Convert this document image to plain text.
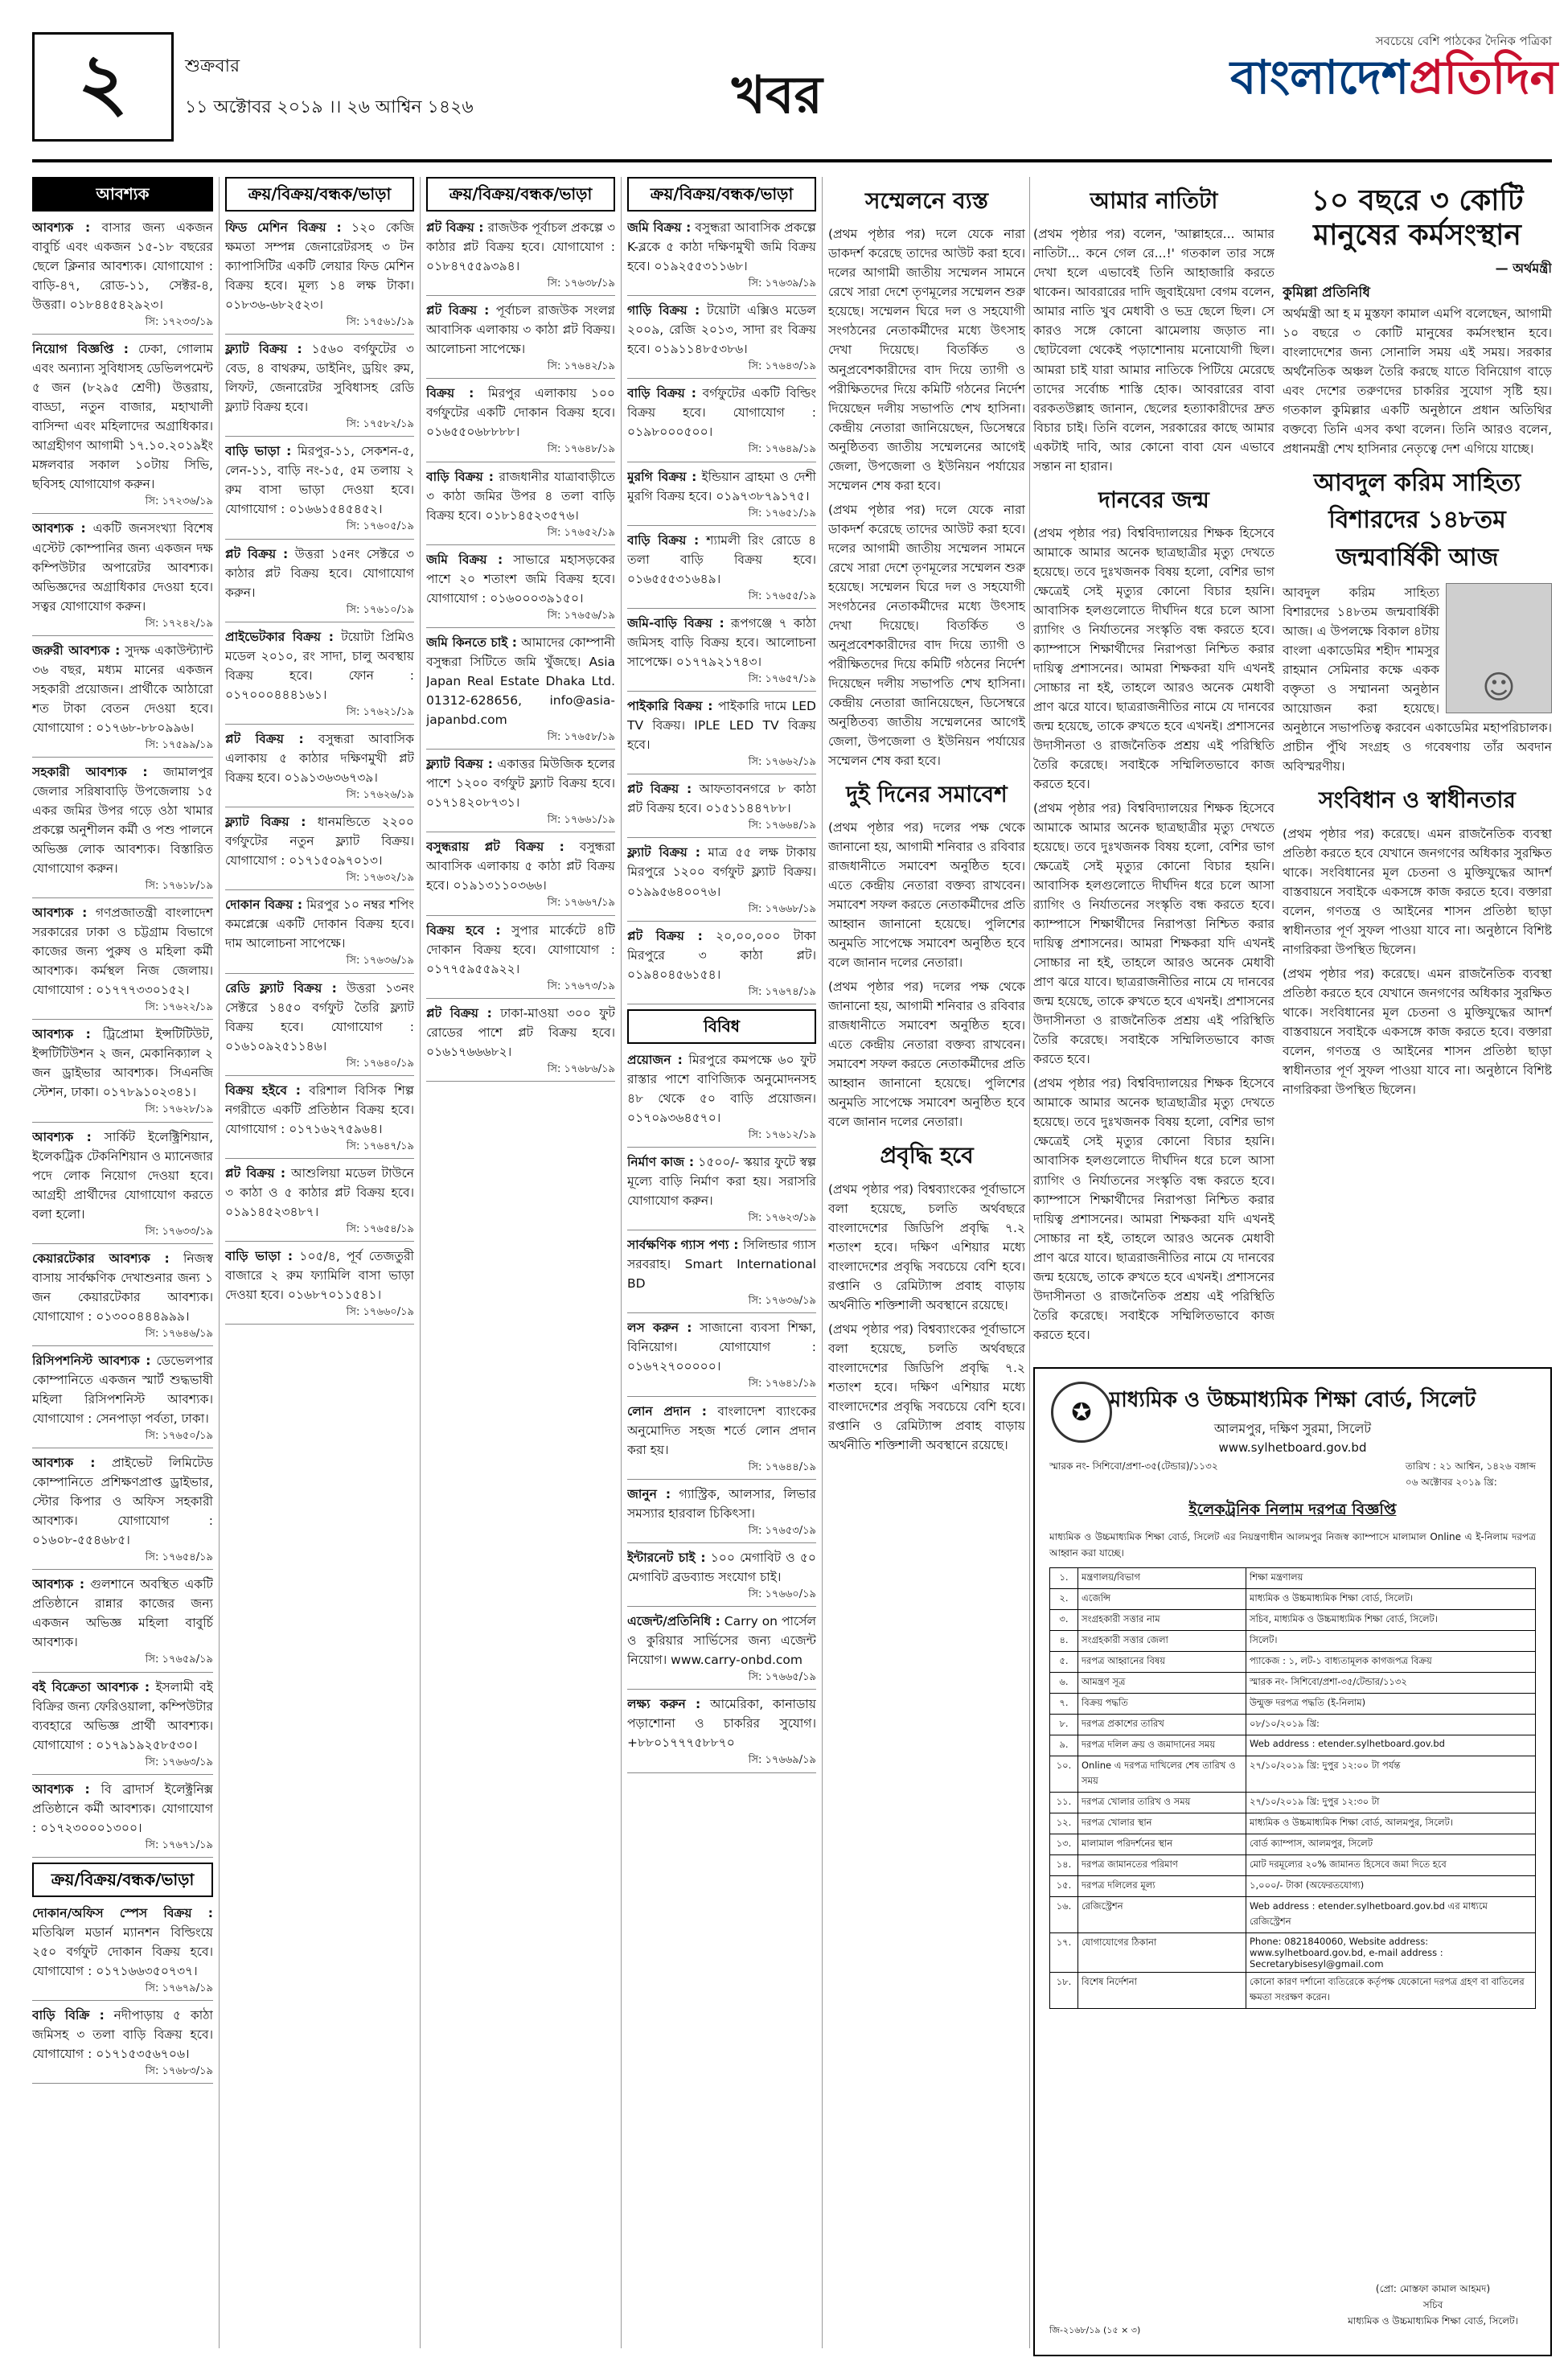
২	শুক্রবার
১১ অক্টোবর ২০১৯ ।। ২৬ আশ্বিন ১৪২৬	খবর
সবচেয়ে বেশি পাঠকের দৈনিক পত্রিকা
বাংলাদেশপ্রতিদিন
আবশ্যক
আবশ্যক : বাসার জন্য একজন বাবুর্চি এবং একজন ১৫-১৮ বছরের ছেলে ক্লিনার আবশ্যক। যোগাযোগ : বাড়ি-৪৭, রোড-১১, সেক্টর-৪, উত্তরা। ০১৮৪৪৫৪২৯২৩।
সি: ১৭২৩৩/১৯
নিয়োগ বিজ্ঞপ্তি : ঢেকা, গোলাম এবং অন্যান্য সুবিধাসহ ডেভিলপমেন্ট ৫ জন (৮২৯৫ শ্রেণী) উত্তরায়, বাড্ডা, নতুন বাজার, মহাখালী বাসিন্দা এবং মহিলাদের অগ্রাধিকার। আগ্রহীগণ আগামী ১৭.১০.২০১৯ইং মঙ্গলবার সকাল ১০টায় সিভি, ছবিসহ যোগাযোগ করুন।
সি: ১৭২৩৬/১৯
আবশ্যক : একটি জনসংখ্যা বিশেষ এস্টেট কোম্পানির জন্য একজন দক্ষ কম্পিউটার অপারেটর আবশ্যক। অভিজ্ঞদের অগ্রাধিকার দেওয়া হবে। সত্বর যোগাযোগ করুন।
সি: ১৭২৪২/১৯
জরুরী আবশ্যক : সুদক্ষ একাউন্ট্যান্ট ৩৬ বছর, মধ্যম মানের একজন সহকারী প্রয়োজন। প্রার্থীকে আঠারো শত টাকা বেতন দেওয়া হবে। যোগাযোগ : ০১৭৬৮-৮৮০৯৯৬।
সি: ১৭৫৯৯/১৯
সহকারী আবশ্যক : জামালপুর জেলার সরিষাবাড়ি উপজেলায় ১৫ একর জমির উপর গড়ে ওঠা খামার প্রকল্পে অনুশীলন কর্মী ও পশু পালনে অভিজ্ঞ লোক আবশ্যক। বিস্তারিত যোগাযোগ করুন।
সি: ১৭৬১৮/১৯
আবশ্যক : গণপ্রজাতন্ত্রী বাংলাদেশ সরকারের ঢাকা ও চট্টগ্রাম বিভাগে কাজের জন্য পুরুষ ও মহিলা কর্মী আবশ্যক। কর্মস্থল নিজ জেলায়। যোগাযোগ : ০১৭৭৭৩৩০১৫২।
সি: ১৭৬২২/১৯
আবশ্যক : ট্রিপ্রোমা ইন্সটিটিউট, ইন্সটিটিউশন ২ জন, মেকানিক্যাল ২ জন ড্রাইভার আবশ্যক। সিএনজি স্টেশন, ঢাকা। ০১৭৮৯১০২৩৪১।
সি: ১৭৬২৮/১৯
আবশ্যক : সার্কিট ইলেক্ট্রিশিয়ান, ইলেকট্রিক টেকনিশিয়ান ও ম্যানেজার পদে লোক নিয়োগ দেওয়া হবে। আগ্রহী প্রার্থীদের যোগাযোগ করতে বলা হলো।
সি: ১৭৬৩৩/১৯
কেয়ারটেকার আবশ্যক : নিজস্ব বাসায় সার্বক্ষণিক দেখাশুনার জন্য ১ জন কেয়ারটেকার আবশ্যক। যোগাযোগ : ০১৩০০৪৪৪৯৯৯।
সি: ১৭৬৪৬/১৯
রিসিপশনিস্ট আবশ্যক : ডেভেলপার কোম্পানিতে একজন স্মার্ট শুদ্ধভাষী মহিলা রিসিপশনিস্ট আবশ্যক। যোগাযোগ : সেনপাড়া পর্বতা, ঢাকা।
সি: ১৭৬৫০/১৯
আবশ্যক : প্রাইভেট লিমিটেড কোম্পানিতে প্রশিক্ষণপ্রাপ্ত ড্রাইভার, স্টোর কিপার ও অফিস সহকারী আবশ্যক। যোগাযোগ : ০১৬০৮-৫৫৪৬৮৫।
সি: ১৭৬৫৪/১৯
আবশ্যক : গুলশানে অবস্থিত একটি প্রতিষ্ঠানে রান্নার কাজের জন্য একজন অভিজ্ঞ মহিলা বাবুর্চি আবশ্যক।
সি: ১৭৬৫৯/১৯
বই বিক্রেতা আবশ্যক : ইসলামী বই বিক্রির জন্য ফেরিওয়ালা, কম্পিউটার ব্যবহারে অভিজ্ঞ প্রার্থী আবশ্যক। যোগাযোগ : ০১৭৯১৯২৫৮৫৩০।
সি: ১৭৬৬৩/১৯
আবশ্যক : বি ব্রাদার্স ইলেক্ট্রনিক্স প্রতিষ্ঠানে কর্মী আবশ্যক। যোগাযোগ : ০১৭২৩০০০১৩০০।
সি: ১৭৬৭১/১৯
ক্রয়/বিক্রয়/বন্ধক/ভাড়া
দোকান/অফিস স্পেস বিক্রয় : মতিঝিল মডার্ন ম্যানশন বিল্ডিংয়ে ২৫০ বর্গফুট দোকান বিক্রয় হবে। যোগাযোগ : ০১৭১৬৬৩৫০৭৩৭।
সি: ১৭৬৭৯/১৯
বাড়ি বিক্রি : নদীপাড়ায় ৫ কাঠা জমিসহ ৩ তলা বাড়ি বিক্রয় হবে। যোগাযোগ : ০১৭১৫৩৫৬৭০৬।
সি: ১৭৬৮৩/১৯
ক্রয়/বিক্রয়/বন্ধক/ভাড়া
ফিড মেশিন বিক্রয় : ১২০ কেজি ক্ষমতা সম্পন্ন জেনারেটরসহ ৩ টন ক্যাপাসিটির একটি লেয়ার ফিড মেশিন বিক্রয় হবে। মূল্য ১৪ লক্ষ টাকা। ০১৮৩৬-৬৮২৫২৩।
সি: ১৭৫৬১/১৯
ফ্ল্যাট বিক্রয় : ১৫৬০ বর্গফুটের ৩ বেড, ৪ বাথরুম, ডাইনিং, ড্রয়িং রুম, লিফট, জেনারেটর সুবিধাসহ রেডি ফ্ল্যাট বিক্রয় হবে।
সি: ১৭৫৮২/১৯
বাড়ি ভাড়া : মিরপুর-১১, সেকশন-৫, লেন-১১, বাড়ি নং-১৫, ৫ম তলায় ২ রুম বাসা ভাড়া দেওয়া হবে। যোগাযোগ : ০১৬৬১৫৪৫৪৫২।
সি: ১৭৬০৫/১৯
প্লট বিক্রয় : উত্তরা ১৫নং সেক্টরে ৩ কাঠার প্লট বিক্রয় হবে। যোগাযোগ করুন।
সি: ১৭৬১০/১৯
প্রাইভেটকার বিক্রয় : টয়োটা প্রিমিও মডেল ২০১০, রং সাদা, চালু অবস্থায় বিক্রয় হবে। ফোন : ০১৭০০০৪৪৪১৬১।
সি: ১৭৬২১/১৯
প্লট বিক্রয় : বসুন্ধরা আবাসিক এলাকায় ৫ কাঠার দক্ষিণমুখী প্লট বিক্রয় হবে। ০১৯১৩৬৩৬৭৩৯।
সি: ১৭৬২৬/১৯
ফ্ল্যাট বিক্রয় : ধানমন্ডিতে ২২০০ বর্গফুটের নতুন ফ্ল্যাট বিক্রয়। যোগাযোগ : ০১৭১৫০৯৭০১৩।
সি: ১৭৬৩২/১৯
দোকান বিক্রয় : মিরপুর ১০ নম্বর শপিং কমপ্লেক্সে একটি দোকান বিক্রয় হবে। দাম আলোচনা সাপেক্ষে।
সি: ১৭৬৩৬/১৯
রেডি ফ্ল্যাট বিক্রয় : উত্তরা ১৩নং সেক্টরে ১৪৫০ বর্গফুট তৈরি ফ্ল্যাট বিক্রয় হবে। যোগাযোগ : ০১৬১০৯২৫১১৪৬।
সি: ১৭৬৪০/১৯
বিক্রয় হইবে : বরিশাল বিসিক শিল্প নগরীতে একটি প্রতিষ্ঠান বিক্রয় হবে। যোগাযোগ : ০১৭১৬২৭৫৯৬৪।
সি: ১৭৬৪৭/১৯
প্লট বিক্রয় : আশুলিয়া মডেল টাউনে ৩ কাঠা ও ৫ কাঠার প্লট বিক্রয় হবে। ০১৯১৪৫২৩৪৮৭।
সি: ১৭৬৫৪/১৯
বাড়ি ভাড়া : ১০৫/৪, পূর্ব তেজতুরী বাজারে ২ রুম ফ্যামিলি বাসা ভাড়া দেওয়া হবে। ০১৬৮৭০১১৫৪১।
সি: ১৭৬৬০/১৯
ক্রয়/বিক্রয়/বন্ধক/ভাড়া
প্লট বিক্রয় : রাজউক পূর্বাচল প্রকল্পে ৩ কাঠার প্লট বিক্রয় হবে। যোগাযোগ : ০১৮৪৭৫৫৯৩৯৪।
সি: ১৭৬৩৮/১৯
প্লট বিক্রয় : পূর্বাচল রাজউক সংলগ্ন আবাসিক এলাকায় ৩ কাঠা প্লট বিক্রয়। আলোচনা সাপেক্ষে।
সি: ১৭৬৪২/১৯
বিক্রয় : মিরপুর এলাকায় ১০০ বর্গফুটের একটি দোকান বিক্রয় হবে। ০১৬৫৫০৬৮৮৮৮।
সি: ১৭৬৪৮/১৯
বাড়ি বিক্রয় : রাজধানীর যাত্রাবাড়ীতে ৩ কাঠা জমির উপর ৪ তলা বাড়ি বিক্রয় হবে। ০১৮১৪৫২৩৫৭৬।
সি: ১৭৬৫২/১৯
জমি বিক্রয় : সাভারে মহাসড়কের পাশে ২০ শতাংশ জমি বিক্রয় হবে। যোগাযোগ : ০১৬০০০৩৯১৫০।
সি: ১৭৬৫৬/১৯
জমি কিনতে চাই : আমাদের কোম্পানী বসুন্ধরা সিটিতে জমি খুঁজছে। Asia Japan Real Estate Dhaka Ltd. 01312-628656, info@asia-japanbd.com
সি: ১৭৬৫৮/১৯
ফ্ল্যাট বিক্রয় : একাত্তর মিউজিক হলের পাশে ১২০০ বর্গফুট ফ্ল্যাট বিক্রয় হবে। ০১৭১৪২০৮৭৩১।
সি: ১৭৬৬১/১৯
বসুন্ধরায় প্লট বিক্রয় : বসুন্ধরা আবাসিক এলাকায় ৫ কাঠা প্লট বিক্রয় হবে। ০১৯১৩১১০৩৬৬।
সি: ১৭৬৬৭/১৯
বিক্রয় হবে : সুপার মার্কেটে ৪টি দোকান বিক্রয় হবে। যোগাযোগ : ০১৭৭৫৯৫৫৯২২।
সি: ১৭৬৭৩/১৯
প্লট বিক্রয় : ঢাকা-মাওয়া ৩০০ ফুট রোডের পাশে প্লট বিক্রয় হবে। ০১৬১৭৬৬৬৮২।
সি: ১৭৬৮৬/১৯
ক্রয়/বিক্রয়/বন্ধক/ভাড়া
জমি বিক্রয় : বসুন্ধরা আবাসিক প্রকল্পে K-ব্লকে ৫ কাঠা দক্ষিণমুখী জমি বিক্রয় হবে। ০১৯২৫৫৩১১৬৮।
সি: ১৭৬৩৯/১৯
গাড়ি বিক্রয় : টয়োটা এক্সিও মডেল ২০০৯, রেজি ২০১৩, সাদা রং বিক্রয় হবে। ০১৯১১৪৮৫৩৮৬।
সি: ১৭৬৪৩/১৯
বাড়ি বিক্রয় : বর্গফুটের একটি বিল্ডিং বিক্রয় হবে। যোগাযোগ : ০১৯৮০০০৫০০।
সি: ১৭৬৪৯/১৯
মুরগি বিক্রয় : ইন্ডিয়ান ব্রাহমা ও দেশী মুরগি বিক্রয় হবে। ০১৯৭৩৮৭৯১৭৫।
সি: ১৭৬৫১/১৯
বাড়ি বিক্রয় : শ্যামলী রিং রোডে ৪ তলা বাড়ি বিক্রয় হবে। ০১৬৫৫৫৩১৬৪৯।
সি: ১৭৬৫৫/১৯
জমি-বাড়ি বিক্রয় : রূপগঞ্জে ৭ কাঠা জমিসহ বাড়ি বিক্রয় হবে। আলোচনা সাপেক্ষে। ০১৭৭৯২১৭৪৩।
সি: ১৭৬৫৭/১৯
পাইকারি বিক্রয় : পাইকারি দামে LED TV বিক্রয়। IPLE LED TV বিক্রয় হবে।
সি: ১৭৬৬২/১৯
প্লট বিক্রয় : আফতাবনগরে ৮ কাঠা প্লট বিক্রয় হবে। ০১৫১১৪৪৭৮৮।
সি: ১৭৬৬৪/১৯
ফ্ল্যাট বিক্রয় : মাত্র ৫৫ লক্ষ টাকায় মিরপুরে ১২০০ বর্গফুট ফ্ল্যাট বিক্রয়। ০১৯৯৫৬৪০০৭৬।
সি: ১৭৬৬৮/১৯
প্লট বিক্রয় : ২০,০০,০০০ টাকা মিরপুরে ৩ কাঠা প্লট। ০১৯৪০৪৫৬১৫৪।
সি: ১৭৬৭৪/১৯
বিবিধ
প্রয়োজন : মিরপুরে কমপক্ষে ৬০ ফুট রাস্তার পাশে বাণিজ্যিক অনুমোদনসহ ৪৮ থেকে ৫০ বাড়ি প্রয়োজন। ০১৭০৯৩৬৪৫৭০।
সি: ১৭৬১২/১৯
নির্মাণ কাজ : ১৫০০/- স্কয়ার ফুটে স্বল্প মূল্যে বাড়ি নির্মাণ করা হয়। সরাসরি যোগাযোগ করুন।
সি: ১৭৬২৩/১৯
সার্বক্ষণিক গ্যাস পণ্য : সিলিন্ডার গ্যাস সরবরাহ। Smart International BD
সি: ১৭৬৩৬/১৯
লস করুন : সাজানো ব্যবসা শিক্ষা, বিনিয়োগ। যোগাযোগ : ০১৬৭২৭০০০০০।
সি: ১৭৬৪১/১৯
লোন প্রদান : বাংলাদেশ ব্যাংকের অনুমোদিত সহজ শর্তে লোন প্রদান করা হয়।
সি: ১৭৬৪৪/১৯
জানুন : গ্যাস্ট্রিক, আলসার, লিভার সমস্যার হারবাল চিকিৎসা।
সি: ১৭৬৫৩/১৯
ইন্টারনেট চাই : ১০০ মেগাবিট ও ৫০ মেগাবিট ব্রডব্যান্ড সংযোগ চাই।
সি: ১৭৬৬০/১৯
এজেন্ট/প্রতিনিধি : Carry on পার্সেল ও কুরিয়ার সার্ভিসের জন্য এজেন্ট নিয়োগ। www.carry-onbd.com
সি: ১৭৬৬৫/১৯
লক্ষ্য করুন : আমেরিকা, কানাডায় পড়াশোনা ও চাকরির সুযোগ। +৮৮০১৭৭৭৫৮৮৭০
সি: ১৭৬৬৯/১৯
সম্মেলনে ব্যস্ত

(প্রথম পৃষ্ঠার পর) দলে যেকে নারা ডাকদর্শ করেছে তাদের আউট করা হবে। দলের আগামী জাতীয় সম্মেলন সামনে রেখে সারা দেশে তৃণমূলের সম্মেলন শুরু হয়েছে। সম্মেলন ঘিরে দল ও সহযোগী সংগঠনের নেতাকর্মীদের মধ্যে উৎসাহ দেখা দিয়েছে। বিতর্কিত ও অনুপ্রবেশকারীদের বাদ দিয়ে ত্যাগী ও পরীক্ষিতদের দিয়ে কমিটি গঠনের নির্দেশ দিয়েছেন দলীয় সভাপতি শেখ হাসিনা। কেন্দ্রীয় নেতারা জানিয়েছেন, ডিসেম্বরে অনুষ্ঠিতব্য জাতীয় সম্মেলনের আগেই জেলা, উপজেলা ও ইউনিয়ন পর্যায়ের সম্মেলন শেষ করা হবে।

(প্রথম পৃষ্ঠার পর) দলে যেকে নারা ডাকদর্শ করেছে তাদের আউট করা হবে। দলের আগামী জাতীয় সম্মেলন সামনে রেখে সারা দেশে তৃণমূলের সম্মেলন শুরু হয়েছে। সম্মেলন ঘিরে দল ও সহযোগী সংগঠনের নেতাকর্মীদের মধ্যে উৎসাহ দেখা দিয়েছে। বিতর্কিত ও অনুপ্রবেশকারীদের বাদ দিয়ে ত্যাগী ও পরীক্ষিতদের দিয়ে কমিটি গঠনের নির্দেশ দিয়েছেন দলীয় সভাপতি শেখ হাসিনা। কেন্দ্রীয় নেতারা জানিয়েছেন, ডিসেম্বরে অনুষ্ঠিতব্য জাতীয় সম্মেলনের আগেই জেলা, উপজেলা ও ইউনিয়ন পর্যায়ের সম্মেলন শেষ করা হবে।

দুই দিনের সমাবেশ

(প্রথম পৃষ্ঠার পর) দলের পক্ষ থেকে জানানো হয়, আগামী শনিবার ও রবিবার রাজধানীতে সমাবেশ অনুষ্ঠিত হবে। এতে কেন্দ্রীয় নেতারা বক্তব্য রাখবেন। সমাবেশ সফল করতে নেতাকর্মীদের প্রতি আহ্বান জানানো হয়েছে। পুলিশের অনুমতি সাপেক্ষে সমাবেশ অনুষ্ঠিত হবে বলে জানান দলের নেতারা।

(প্রথম পৃষ্ঠার পর) দলের পক্ষ থেকে জানানো হয়, আগামী শনিবার ও রবিবার রাজধানীতে সমাবেশ অনুষ্ঠিত হবে। এতে কেন্দ্রীয় নেতারা বক্তব্য রাখবেন। সমাবেশ সফল করতে নেতাকর্মীদের প্রতি আহ্বান জানানো হয়েছে। পুলিশের অনুমতি সাপেক্ষে সমাবেশ অনুষ্ঠিত হবে বলে জানান দলের নেতারা।

প্রবৃদ্ধি হবে

(প্রথম পৃষ্ঠার পর) বিশ্বব্যাংকের পূর্বাভাসে বলা হয়েছে, চলতি অর্থবছরে বাংলাদেশের জিডিপি প্রবৃদ্ধি ৭.২ শতাংশ হবে। দক্ষিণ এশিয়ার মধ্যে বাংলাদেশের প্রবৃদ্ধি সবচেয়ে বেশি হবে। রপ্তানি ও রেমিট্যান্স প্রবাহ বাড়ায় অর্থনীতি শক্তিশালী অবস্থানে রয়েছে।

(প্রথম পৃষ্ঠার পর) বিশ্বব্যাংকের পূর্বাভাসে বলা হয়েছে, চলতি অর্থবছরে বাংলাদেশের জিডিপি প্রবৃদ্ধি ৭.২ শতাংশ হবে। দক্ষিণ এশিয়ার মধ্যে বাংলাদেশের প্রবৃদ্ধি সবচেয়ে বেশি হবে। রপ্তানি ও রেমিট্যান্স প্রবাহ বাড়ায় অর্থনীতি শক্তিশালী অবস্থানে রয়েছে।

আমার নাতিটা

(প্রথম পৃষ্ঠার পর) বলেন, 'আল্লাহরে... আমার নাতিটা... কনে গেল রে...!' গতকাল তার সঙ্গে দেখা হলে এভাবেই তিনি আহাজারি করতে থাকেন। আবরারের দাদি জুবাইয়েদা বেগম বলেন, আমার নাতি খুব মেধাবী ও ভদ্র ছেলে ছিল। সে কারও সঙ্গে কোনো ঝামেলায় জড়াত না। ছোটবেলা থেকেই পড়াশোনায় মনোযোগী ছিল। আমরা চাই যারা আমার নাতিকে পিটিয়ে মেরেছে তাদের সর্বোচ্চ শাস্তি হোক। আবরারের বাবা বরকতউল্লাহ জানান, ছেলের হত্যাকারীদের দ্রুত বিচার চাই। তিনি বলেন, সরকারের কাছে আমার একটাই দাবি, আর কোনো বাবা যেন এভাবে সন্তান না হারান।

দানবের জন্ম

(প্রথম পৃষ্ঠার পর) বিশ্ববিদ্যালয়ের শিক্ষক হিসেবে আমাকে আমার অনেক ছাত্রছাত্রীর মৃত্যু দেখতে হয়েছে। তবে দুঃখজনক বিষয় হলো, বেশির ভাগ ক্ষেত্রেই সেই মৃত্যুর কোনো বিচার হয়নি। আবাসিক হলগুলোতে দীর্ঘদিন ধরে চলে আসা র‌্যাগিং ও নির্যাতনের সংস্কৃতি বন্ধ করতে হবে। ক্যাম্পাসে শিক্ষার্থীদের নিরাপত্তা নিশ্চিত করার দায়িত্ব প্রশাসনের। আমরা শিক্ষকরা যদি এখনই সোচ্চার না হই, তাহলে আরও অনেক মেধাবী প্রাণ ঝরে যাবে। ছাত্ররাজনীতির নামে যে দানবের জন্ম হয়েছে, তাকে রুখতে হবে এখনই। প্রশাসনের উদাসীনতা ও রাজনৈতিক প্রশ্রয় এই পরিস্থিতি তৈরি করেছে। সবাইকে সম্মিলিতভাবে কাজ করতে হবে।

(প্রথম পৃষ্ঠার পর) বিশ্ববিদ্যালয়ের শিক্ষক হিসেবে আমাকে আমার অনেক ছাত্রছাত্রীর মৃত্যু দেখতে হয়েছে। তবে দুঃখজনক বিষয় হলো, বেশির ভাগ ক্ষেত্রেই সেই মৃত্যুর কোনো বিচার হয়নি। আবাসিক হলগুলোতে দীর্ঘদিন ধরে চলে আসা র‌্যাগিং ও নির্যাতনের সংস্কৃতি বন্ধ করতে হবে। ক্যাম্পাসে শিক্ষার্থীদের নিরাপত্তা নিশ্চিত করার দায়িত্ব প্রশাসনের। আমরা শিক্ষকরা যদি এখনই সোচ্চার না হই, তাহলে আরও অনেক মেধাবী প্রাণ ঝরে যাবে। ছাত্ররাজনীতির নামে যে দানবের জন্ম হয়েছে, তাকে রুখতে হবে এখনই। প্রশাসনের উদাসীনতা ও রাজনৈতিক প্রশ্রয় এই পরিস্থিতি তৈরি করেছে। সবাইকে সম্মিলিতভাবে কাজ করতে হবে।

(প্রথম পৃষ্ঠার পর) বিশ্ববিদ্যালয়ের শিক্ষক হিসেবে আমাকে আমার অনেক ছাত্রছাত্রীর মৃত্যু দেখতে হয়েছে। তবে দুঃখজনক বিষয় হলো, বেশির ভাগ ক্ষেত্রেই সেই মৃত্যুর কোনো বিচার হয়নি। আবাসিক হলগুলোতে দীর্ঘদিন ধরে চলে আসা র‌্যাগিং ও নির্যাতনের সংস্কৃতি বন্ধ করতে হবে। ক্যাম্পাসে শিক্ষার্থীদের নিরাপত্তা নিশ্চিত করার দায়িত্ব প্রশাসনের। আমরা শিক্ষকরা যদি এখনই সোচ্চার না হই, তাহলে আরও অনেক মেধাবী প্রাণ ঝরে যাবে। ছাত্ররাজনীতির নামে যে দানবের জন্ম হয়েছে, তাকে রুখতে হবে এখনই। প্রশাসনের উদাসীনতা ও রাজনৈতিক প্রশ্রয় এই পরিস্থিতি তৈরি করেছে। সবাইকে সম্মিলিতভাবে কাজ করতে হবে।

১০ বছরে ৩ কোটি মানুষের কর্মসংস্থান
— অর্থমন্ত্রী
কুমিল্লা প্রতিনিধি

অর্থমন্ত্রী আ হ ম মুস্তফা কামাল এমপি বলেছেন, আগামী ১০ বছরে ৩ কোটি মানুষের কর্মসংস্থান হবে। বাংলাদেশের জন্য সোনালি সময় এই সময়। সরকার অর্থনৈতিক অঞ্চল তৈরি করছে যাতে বিনিয়োগ বাড়ে এবং দেশের তরুণদের চাকরির সুযোগ সৃষ্টি হয়। গতকাল কুমিল্লার একটি অনুষ্ঠানে প্রধান অতিথির বক্তব্যে তিনি এসব কথা বলেন। তিনি আরও বলেন, প্রধানমন্ত্রী শেখ হাসিনার নেতৃত্বে দেশ এগিয়ে যাচ্ছে।

আবদুল করিম সাহিত্য বিশারদের ১৪৮তম জন্মবার্ষিকী আজ
☺

আবদুল করিম সাহিত্য বিশারদের ১৪৮তম জন্মবার্ষিকী আজ। এ উপলক্ষে বিকাল ৪টায় বাংলা একাডেমির শহীদ শামসুর রাহমান সেমিনার কক্ষে একক বক্তৃতা ও সম্মাননা অনুষ্ঠান আয়োজন করা হয়েছে। অনুষ্ঠানে সভাপতিত্ব করবেন একাডেমির মহাপরিচালক। প্রাচীন পুঁথি সংগ্রহ ও গবেষণায় তাঁর অবদান অবিস্মরণীয়।

সংবিধান ও স্বাধীনতার

(প্রথম পৃষ্ঠার পর) করেছে। এমন রাজনৈতিক ব্যবস্থা প্রতিষ্ঠা করতে হবে যেখানে জনগণের অধিকার সুরক্ষিত থাকে। সংবিধানের মূল চেতনা ও মুক্তিযুদ্ধের আদর্শ বাস্তবায়নে সবাইকে একসঙ্গে কাজ করতে হবে। বক্তারা বলেন, গণতন্ত্র ও আইনের শাসন প্রতিষ্ঠা ছাড়া স্বাধীনতার পূর্ণ সুফল পাওয়া যাবে না। অনুষ্ঠানে বিশিষ্ট নাগরিকরা উপস্থিত ছিলেন।

(প্রথম পৃষ্ঠার পর) করেছে। এমন রাজনৈতিক ব্যবস্থা প্রতিষ্ঠা করতে হবে যেখানে জনগণের অধিকার সুরক্ষিত থাকে। সংবিধানের মূল চেতনা ও মুক্তিযুদ্ধের আদর্শ বাস্তবায়নে সবাইকে একসঙ্গে কাজ করতে হবে। বক্তারা বলেন, গণতন্ত্র ও আইনের শাসন প্রতিষ্ঠা ছাড়া স্বাধীনতার পূর্ণ সুফল পাওয়া যাবে না। অনুষ্ঠানে বিশিষ্ট নাগরিকরা উপস্থিত ছিলেন।

✪ মাধ্যমিক ও উচ্চমাধ্যমিক শিক্ষা বোর্ড, সিলেট
আলমপুর, দক্ষিণ সুরমা, সিলেট
www.sylhetboard.gov.bd
স্মারক নং- সিশিবো/প্রশা-৩৫(টেন্ডার)/১১৩২	তারিখ : ২১ আশ্বিন, ১৪২৬ বঙ্গাব্দ
০৬ অক্টোবর ২০১৯ খ্রি:
ইলেকট্রনিক নিলাম দরপত্র বিজ্ঞপ্তি
মাধ্যমিক ও উচ্চমাধ্যমিক শিক্ষা বোর্ড, সিলেট এর নিয়ন্ত্রণাধীন আলমপুর নিজস্ব ক্যাম্পাসে মালামাল Online এ ই-নিলাম দরপত্র আহ্বান করা যাচ্ছে।
১.	মন্ত্রণালয়/বিভাগ	শিক্ষা মন্ত্রণালয়
২.	এজেন্সি	মাধ্যমিক ও উচ্চমাধ্যমিক শিক্ষা বোর্ড, সিলেট।
৩.	সংগ্রহকারী সত্তার নাম	সচিব, মাধ্যমিক ও উচ্চমাধ্যমিক শিক্ষা বোর্ড, সিলেট।
৪.	সংগ্রহকারী সত্তার জেলা	সিলেট।
৫.	দরপত্র আহ্বানের বিষয়	প্যাকেজ : ১, লট-১ বাধ্যতামূলক কাগজপত্র বিক্রয়
৬.	আমন্ত্রণ সূত্র	স্মারক নং- সিশিবো/প্রশা-৩৫/টেন্ডার/১১৩২
৭.	বিক্রয় পদ্ধতি	উন্মুক্ত দরপত্র পদ্ধতি (ই-নিলাম)
৮.	দরপত্র প্রকাশের তারিখ	০৮/১০/২০১৯ খ্রি:
৯.	দরপত্র দলিল ক্রয় ও জমাদানের সময়	Web address : etender.sylhetboard.gov.bd
১০.	Online এ দরপত্র দাখিলের শেষ তারিখ ও সময়	২৭/১০/২০১৯ খ্রি: দুপুর ১২:০০ টা পর্যন্ত
১১.	দরপত্র খোলার তারিখ ও সময়	২৭/১০/২০১৯ খ্রি: দুপুর ১২:৩০ টা
১২.	দরপত্র খোলার স্থান	মাধ্যমিক ও উচ্চমাধ্যমিক শিক্ষা বোর্ড, আলমপুর, সিলেট।
১৩.	মালামাল পরিদর্শনের স্থান	বোর্ড ক্যাম্পাস, আলমপুর, সিলেট
১৪.	দরপত্র জামানতের পরিমাণ	মোট দরমূল্যের ২০% জামানত হিসেবে জমা দিতে হবে
১৫.	দরপত্র দলিলের মূল্য	১,০০০/- টাকা (অফেরতযোগ্য)
১৬.	রেজিস্ট্রেশন	Web address : etender.sylhetboard.gov.bd এর মাধ্যমে রেজিস্ট্রেশন
১৭.	যোগাযোগের ঠিকানা	Phone: 0821840060, Website address: www.sylhetboard.gov.bd, e-mail address : Secretarybisesyl@gmail.com
১৮.	বিশেষ নির্দেশনা	কোনো কারণ দর্শানো ব্যতিরেকে কর্তৃপক্ষ যেকোনো দরপত্র গ্রহণ বা বাতিলের ক্ষমতা সংরক্ষণ করেন।
জি-২১৬৮/১৯ (১৫ × ৩)
(প্রো: মোস্তফা কামাল আহমদ)
সচিব
মাধ্যমিক ও উচ্চমাধ্যমিক শিক্ষা বোর্ড, সিলেট।
